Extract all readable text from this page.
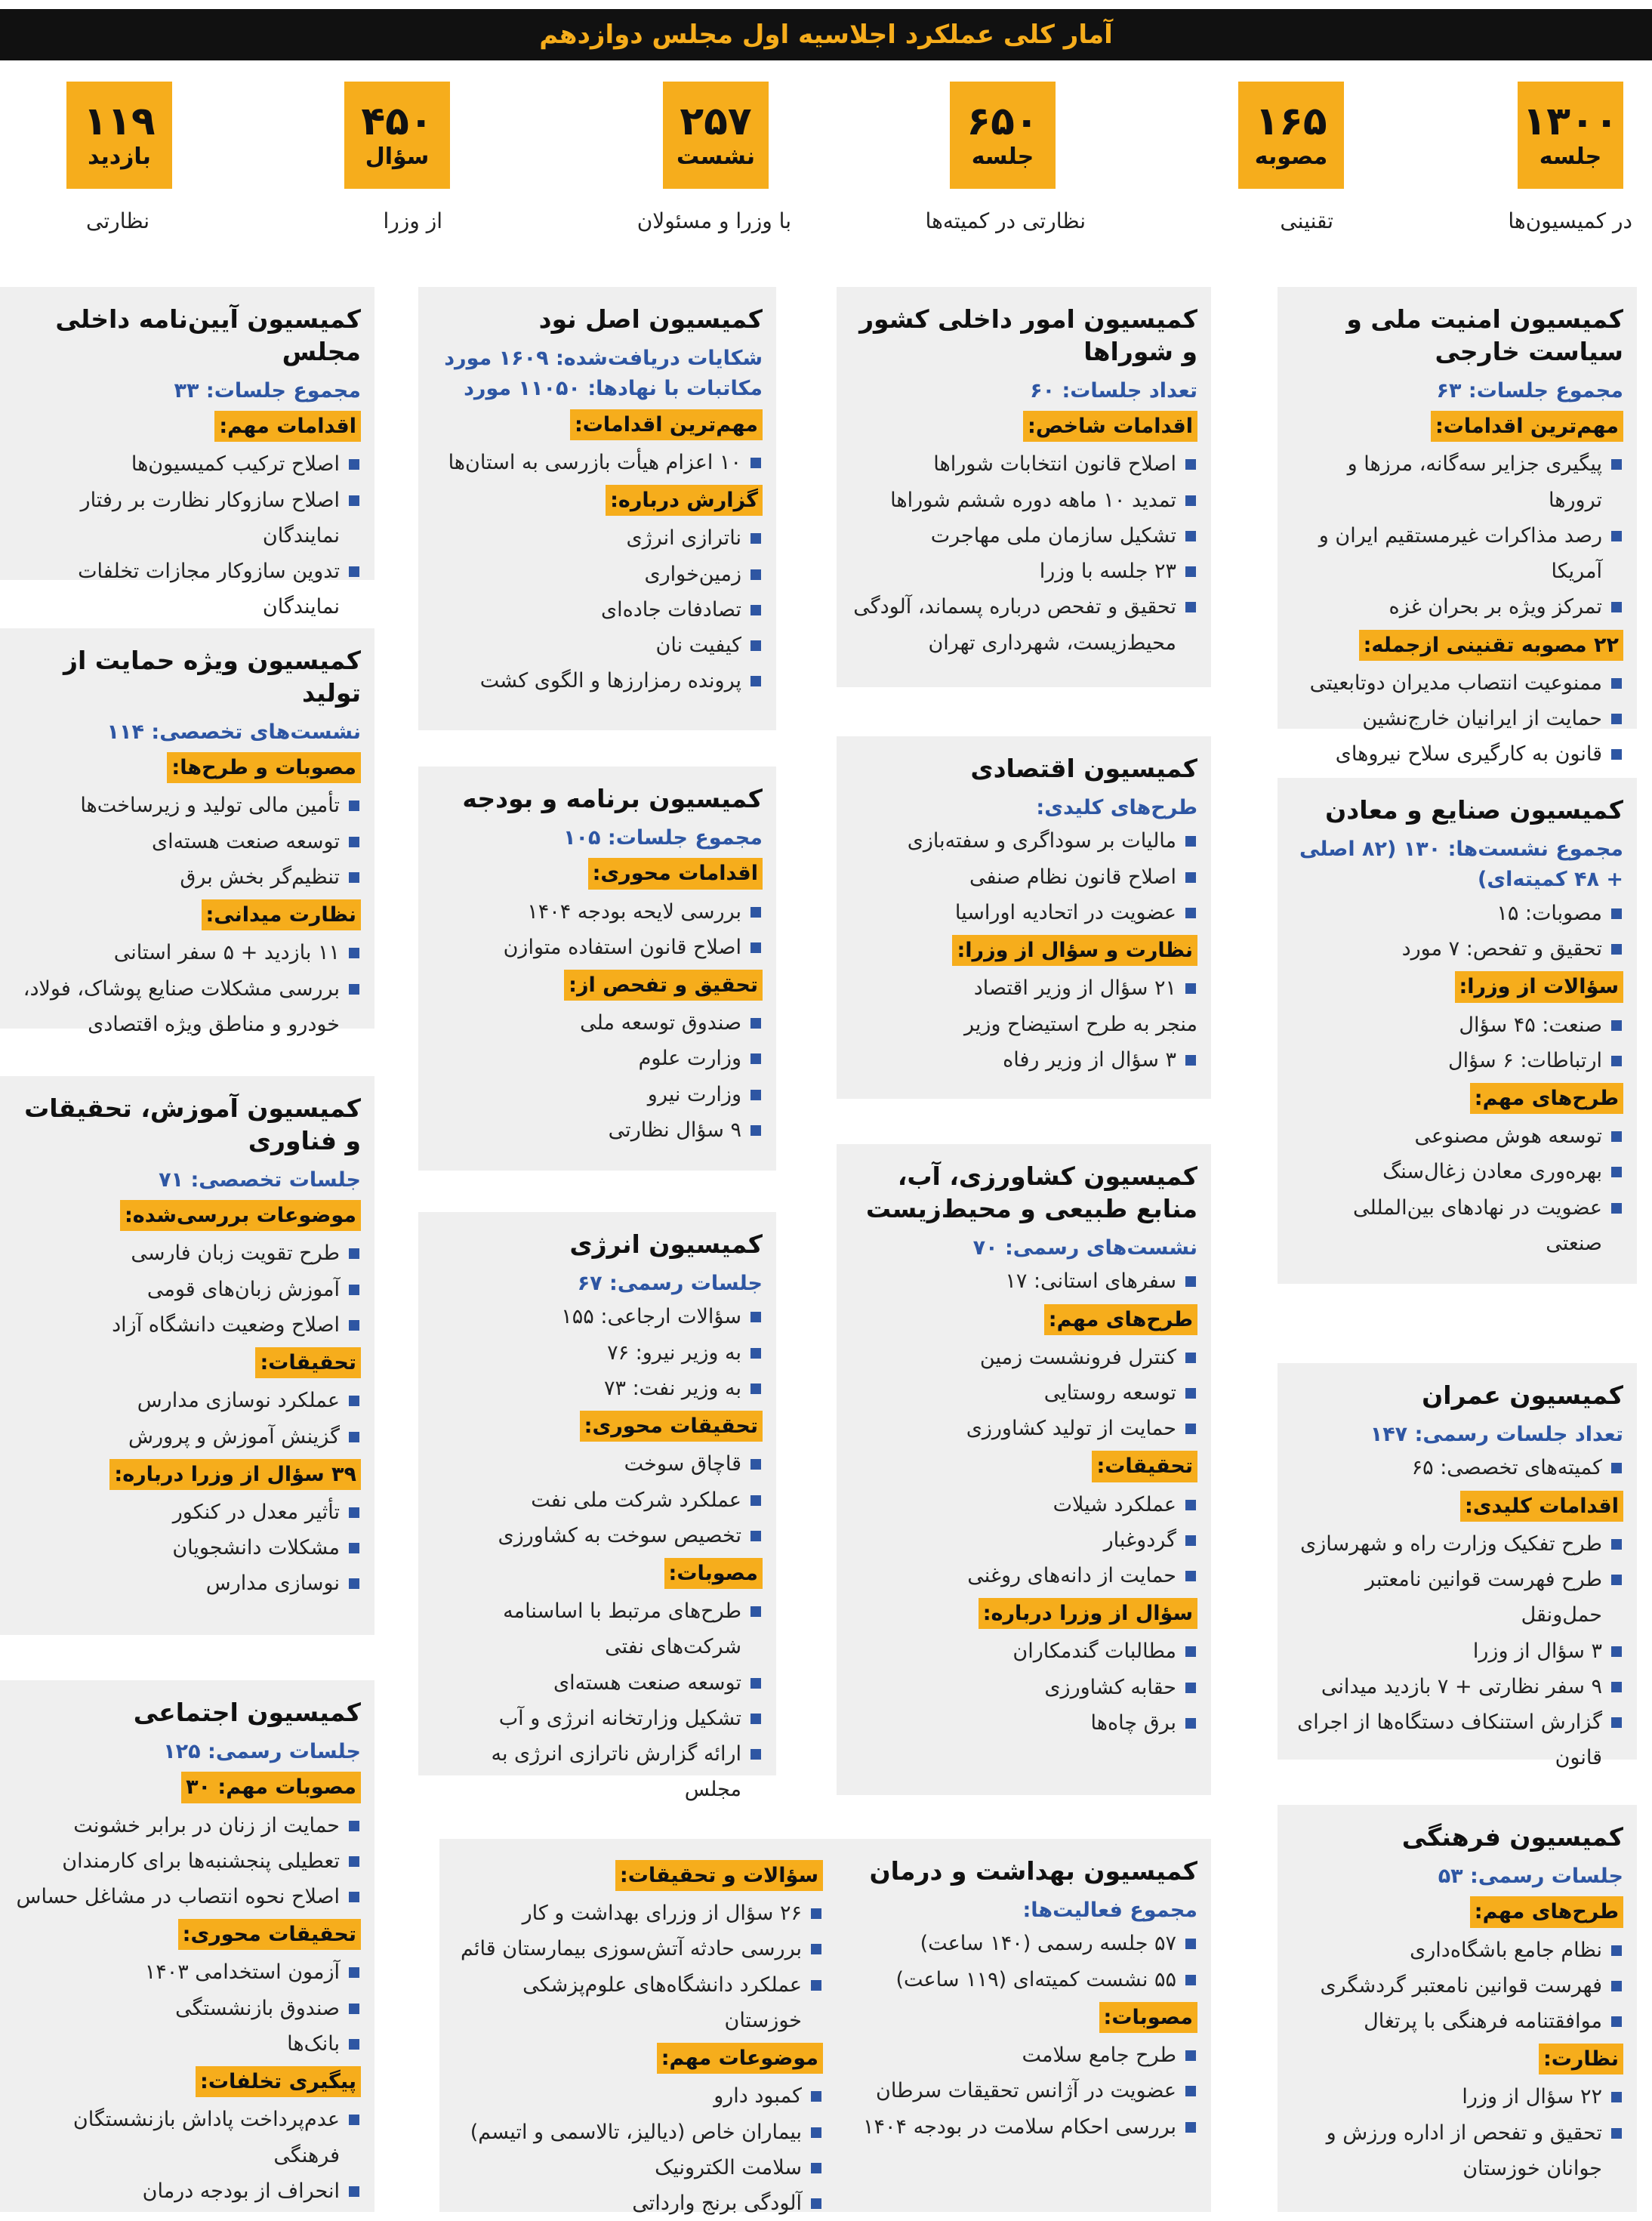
آمار کلی عملکرد اجلاسیه اول مجلس دوازدهم
۱۳۰۰
جلسه
در کمیسیون‌ها
۱۶۵
مصوبه
تقنینی
۶۵۰
جلسه
نظارتی در کمیته‌ها
۲۵۷
نشست
با وزرا و مسئولان
۴۵۰
سؤال
از وزرا
۱۱۹
بازدید
نظارتی
کمیسیون امنیت ملی و سیاست خارجی
مجموع جلسات: ۶۳
مهم‌ترین اقدامات:
پیگیری جزایر سه‌گانه، مرزها و ترورها
رصد مذاکرات غیرمستقیم ایران و آمریکا
تمرکز ویژه بر بحران غزه
۲۲ مصوبه تقنینی ازجمله:
ممنوعیت انتصاب مدیران دوتابعیتی
حمایت از ایرانیان خارج‌نشین
قانون به کارگیری سلاح نیروهای
کمیسیون صنایع و معادن
مجموع نشست‌ها: ۱۳۰ (۸۲ اصلی + ۴۸ کمیته‌ای)
مصوبات: ۱۵
تحقیق و تفحص: ۷ مورد
سؤالات از وزرا:
صنعت: ۴۵ سؤال
ارتباطات: ۶ سؤال
طرح‌های مهم:
توسعه هوش مصنوعی
بهره‌وری معادن زغال‌سنگ
عضویت در نهادهای بین‌المللی صنعتی
کمیسیون عمران
تعداد جلسات رسمی: ۱۴۷
کمیته‌های تخصصی: ۶۵
اقدامات کلیدی:
طرح تفکیک وزارت راه و شهرسازی
طرح فهرست قوانین نامعتبر حمل‌ونقل
۳ سؤال از وزرا
۹ سفر نظارتی + ۷ بازدید میدانی
گزارش استنکاف دستگاه‌ها از اجرای قانون
کمیسیون فرهنگی
جلسات رسمی: ۵۳
طرح‌های مهم:
نظام جامع باشگاه‌داری
فهرست قوانین نامعتبر گردشگری
موافقتنامه فرهنگی با پرتغال
نظارت:
۲۲ سؤال از وزرا
تحقیق و تفحص از اداره ورزش و جوانان خوزستان
کمیسیون امور داخلی کشور و شوراها
تعداد جلسات: ۶۰
اقدامات شاخص:
اصلاح قانون انتخابات شوراها
تمدید ۱۰ ماهه دوره ششم شوراها
تشکیل سازمان ملی مهاجرت
۲۳ جلسه با وزرا
تحقیق و تفحص درباره پسماند، آلودگی محیط‌زیست، شهرداری تهران
کمیسیون اقتصادی
طرح‌های کلیدی:
مالیات بر سوداگری و سفته‌بازی
اصلاح قانون نظام صنفی
عضویت در اتحادیه اوراسیا
نظارت و سؤال از وزرا:
۲۱ سؤال از وزیر اقتصاد
منجر به طرح استیضاح وزیر
۳ سؤال از وزیر رفاه
کمیسیون کشاورزی، آب، منابع طبیعی و محیط‌زیست
نشست‌های رسمی: ۷۰
سفرهای استانی: ۱۷
طرح‌های مهم:
کنترل فرونشست زمین
توسعه روستایی
حمایت از تولید کشاورزی
تحقیقات:
عملکرد شیلات
گردوغبار
حمایت از دانه‌های روغنی
سؤال از وزرا درباره:
مطالبات گندمکاران
حقابه کشاورزی
برق چاه‌ها
کمیسیون بهداشت و درمان
مجموع فعالیت‌ها:
۵۷ جلسه رسمی (۱۴۰ ساعت)
۵۵ نشست کمیته‌ای (۱۱۹ ساعت)
مصوبات:
طرح جامع سلامت
عضویت در آژانس تحقیقات سرطان
بررسی احکام سلامت در بودجه ۱۴۰۴
سؤالات و تحقیقات:
۲۶ سؤال از وزرای بهداشت و کار
بررسی حادثه آتش‌سوزی بیمارستان قائم
عملکرد دانشگاه‌های علوم‌پزشکی خوزستان
موضوعات مهم:
کمبود دارو
بیماران خاص (دیالیز، تالاسمی و اتیسم)
سلامت الکترونیک
آلودگی برنج وارداتی
کمیسیون اصل نود
شکایات دریافت‌شده: ۱۶۰۹ مورد
مکاتبات با نهادها: ۱۱۰۵۰ مورد
مهم‌ترین اقدامات:
۱۰ اعزام هیأت بازرسی به استان‌ها
گزارش درباره:
ناترازی انرژی
زمین‌خواری
تصادفات جاده‌ای
کیفیت نان
پرونده رمزارزها و الگوی کشت
کمیسیون برنامه و بودجه
مجموع جلسات: ۱۰۵
اقدامات محوری:
بررسی لایحه بودجه ۱۴۰۴
اصلاح قانون استفاده متوازن
تحقیق و تفحص از:
صندوق توسعه ملی
وزارت علوم
وزارت نیرو
۹ سؤال نظارتی
کمیسیون انرژی
جلسات رسمی: ۶۷
سؤالات ارجاعی: ۱۵۵
به وزیر نیرو: ۷۶
به وزیر نفت: ۷۳
تحقیقات محوری:
قاچاق سوخت
عملکرد شرکت ملی نفت
تخصیص سوخت به کشاورزی
مصوبات:
طرح‌های مرتبط با اساسنامه شرکت‌های نفتی
توسعه صنعت هسته‌ای
تشکیل وزارتخانه انرژی و آب
ارائه گزارش ناترازی انرژی به مجلس
کمیسیون آیین‌نامه داخلی مجلس
مجموع جلسات: ۳۳
اقدامات مهم:
اصلاح ترکیب کمیسیون‌ها
اصلاح سازوکار نظارت بر رفتار نمایندگان
تدوین سازوکار مجازات تخلفات نمایندگان
کمیسیون ویژه حمایت از تولید
نشست‌های تخصصی: ۱۱۴
مصوبات و طرح‌ها:
تأمین مالی تولید و زیرساخت‌ها
توسعه صنعت هسته‌ای
تنظیم‌گر بخش برق
نظارت میدانی:
۱۱ بازدید + ۵ سفر استانی
بررسی مشکلات صنایع پوشاک، فولاد، خودرو و مناطق ویژه اقتصادی
کمیسیون آموزش، تحقیقات و فناوری
جلسات تخصصی: ۷۱
موضوعات بررسی‌شده:
طرح تقویت زبان فارسی
آموزش زبان‌های قومی
اصلاح وضعیت دانشگاه آزاد
تحقیقات:
عملکرد نوسازی مدارس
گزینش آموزش و پرورش
۳۹ سؤال از وزرا درباره:
تأثیر معدل در کنکور
مشکلات دانشجویان
نوسازی مدارس
کمیسیون اجتماعی
جلسات رسمی: ۱۲۵
مصوبات مهم: ۳۰
حمایت از زنان در برابر خشونت
تعطیلی پنجشنبه‌ها برای کارمندان
اصلاح نحوه انتصاب در مشاغل حساس
تحقیقات محوری:
آزمون استخدامی ۱۴۰۳
صندوق بازنشستگی
بانک‌ها
پیگیری تخلفات:
عدم‌پرداخت پاداش بازنشستگان فرهنگی
انحراف از بودجه درمان
